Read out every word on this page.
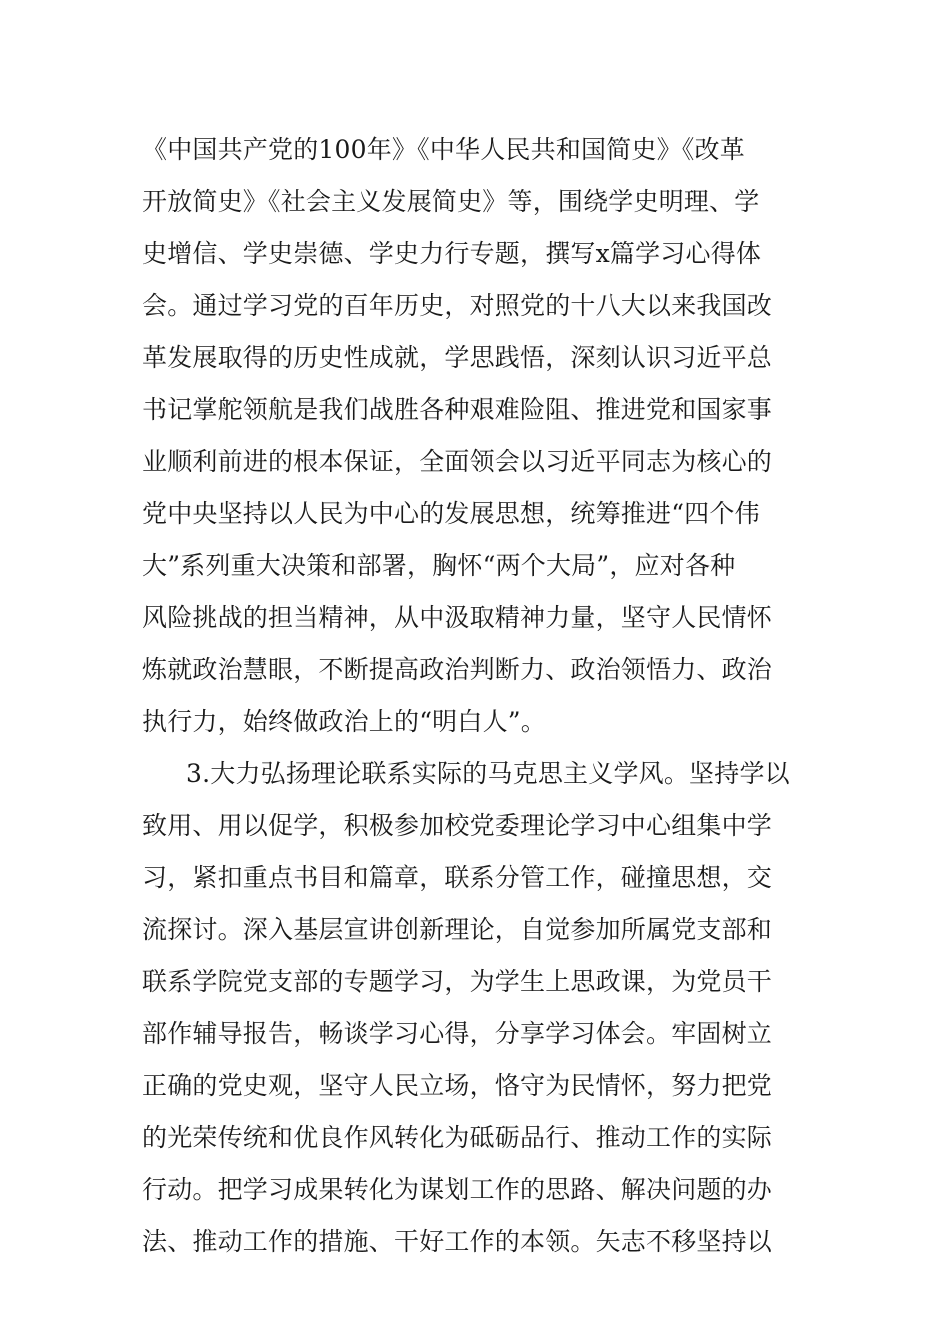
《中国共产党的100年》《中华人民共和国简史》《改革
开放简史》《社会主义发展简史》等，围绕学史明理、学
史增信、学史崇德、学史力行专题，撰写x篇学习心得体
会。通过学习党的百年历史，对照党的十八大以来我国改
革发展取得的历史性成就，学思践悟，深刻认识习近平总
书记掌舵领航是我们战胜各种艰难险阻、推进党和国家事
业顺利前进的根本保证，全面领会以习近平同志为核心的
党中央坚持以人民为中心的发展思想，统筹推进“四个伟
大”系列重大决策和部署，胸怀“两个大局”，应对各种
风险挑战的担当精神，从中汲取精神力量，坚守人民情怀
炼就政治慧眼，不断提高政治判断力、政治领悟力、政治
执行力，始终做政治上的“明白人”。
3.大力弘扬理论联系实际的马克思主义学风。坚持学以
致用、用以促学，积极参加校党委理论学习中心组集中学
习，紧扣重点书目和篇章，联系分管工作，碰撞思想，交
流探讨。深入基层宣讲创新理论，自觉参加所属党支部和
联系学院党支部的专题学习，为学生上思政课，为党员干
部作辅导报告，畅谈学习心得，分享学习体会。牢固树立
正确的党史观，坚守人民立场，恪守为民情怀，努力把党
的光荣传统和优良作风转化为砥砺品行、推动工作的实际
行动。把学习成果转化为谋划工作的思路、解决问题的办
法、推动工作的措施、干好工作的本领。矢志不移坚持以
